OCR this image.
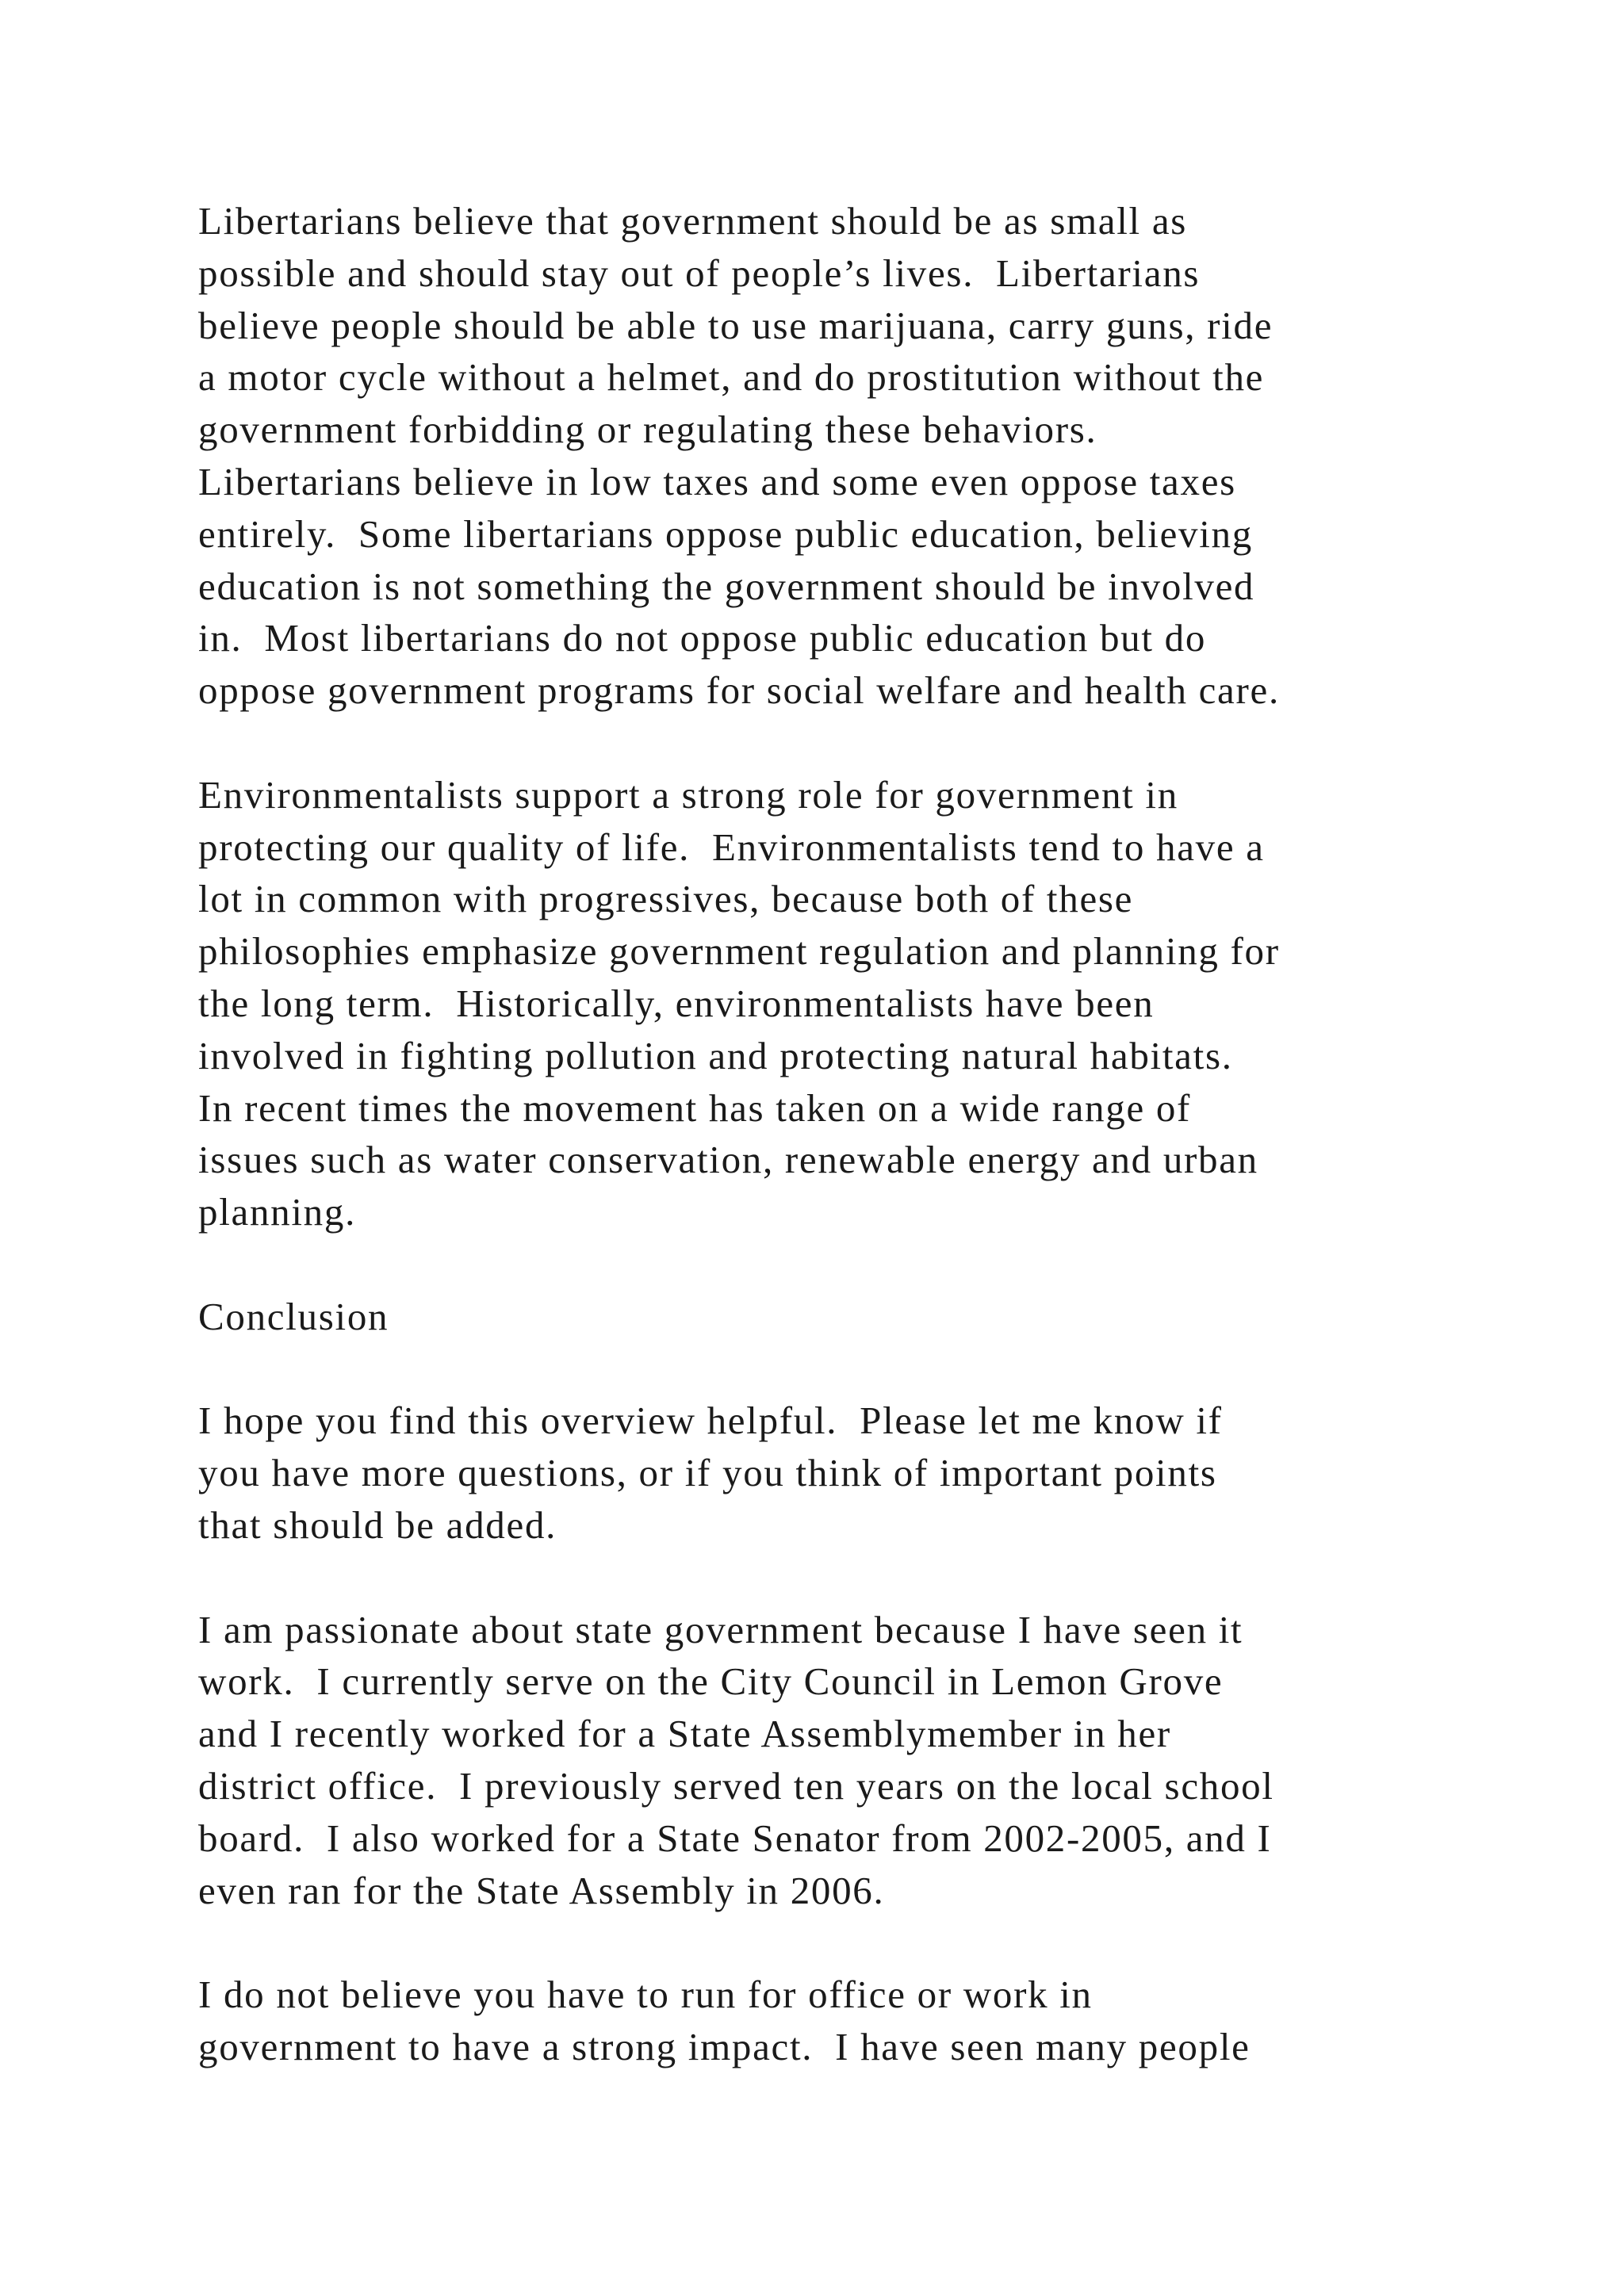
Libertarians believe that government should be as small as
possible and should stay out of people’s lives.  Libertarians
believe people should be able to use marijuana, carry guns, ride
a motor cycle without a helmet, and do prostitution without the
government forbidding or regulating these behaviors.
Libertarians believe in low taxes and some even oppose taxes
entirely.  Some libertarians oppose public education, believing
education is not something the government should be involved
in.  Most libertarians do not oppose public education but do
oppose government programs for social welfare and health care.
Environmentalists support a strong role for government in
protecting our quality of life.  Environmentalists tend to have a
lot in common with progressives, because both of these
philosophies emphasize government regulation and planning for
the long term.  Historically, environmentalists have been
involved in fighting pollution and protecting natural habitats.
In recent times the movement has taken on a wide range of
issues such as water conservation, renewable energy and urban
planning.
Conclusion
I hope you find this overview helpful.  Please let me know if
you have more questions, or if you think of important points
that should be added.
I am passionate about state government because I have seen it
work.  I currently serve on the City Council in Lemon Grove
and I recently worked for a State Assemblymember in her
district office.  I previously served ten years on the local school
board.  I also worked for a State Senator from 2002-2005, and I
even ran for the State Assembly in 2006.
I do not believe you have to run for office or work in
government to have a strong impact.  I have seen many people
